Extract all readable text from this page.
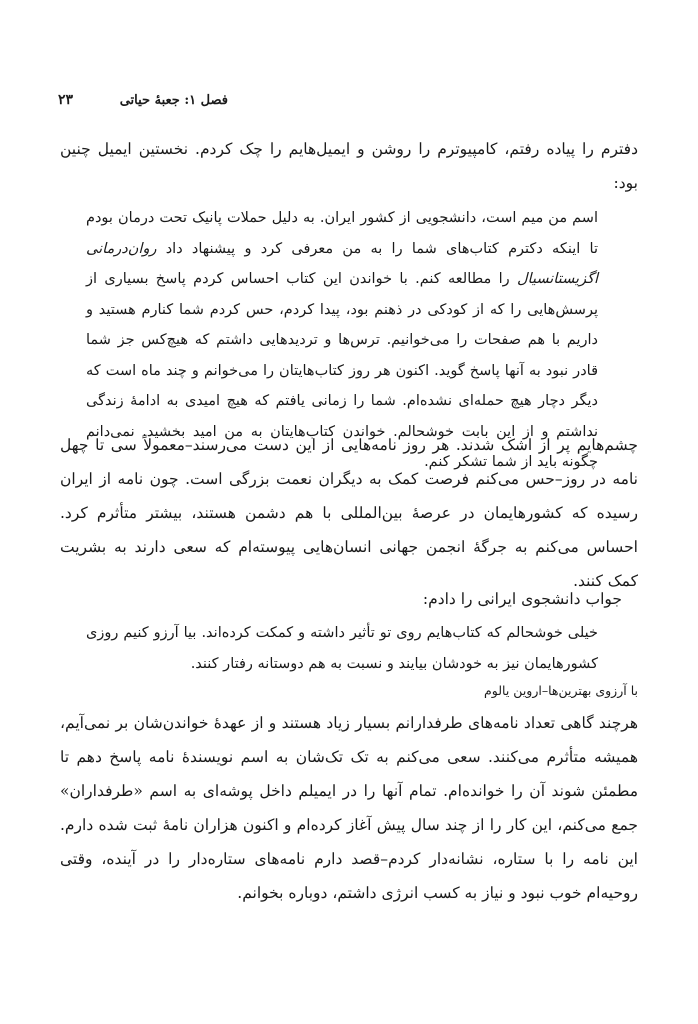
فصل ۱: جعبهٔ حیاتی
۲۳

دفترم را پیاده رفتم، کامپیوترم را روشن و ایمیل‌هایم را چک کردم. نخستین ایمیل چنین بود:

اسم من میم است، دانشجویی از کشور ایران. به دلیل حملات پانیک تحت درمان بودم تا اینکه دکترم کتاب‌های شما را به من معرفی کرد و پیشنهاد داد روان‌درمانی اگزیستانسیال را مطالعه کنم. با خواندن این کتاب احساس کردم پاسخ بسیاری از پرسش‌هایی را که از کودکی در ذهنم بود، پیدا کردم، حس کردم شما کنارم هستید و داریم با هم صفحات را می‌خوانیم. ترس‌ها و تردیدهایی داشتم که هیچ‌کس جز شما قادر نبود به آنها پاسخ گوید. اکنون هر روز کتاب‌هایتان را می‌خوانم و چند ماه است که دیگر دچار هیچ حمله‌ای نشده‌ام. شما را زمانی یافتم که هیچ امیدی به ادامهٔ زندگی نداشتم و از این بابت خوشحالم. خواندن کتاب‌هایتان به من امید بخشید. نمی‌دانم چگونه باید از شما تشکر کنم.

چشم‌هایم پر از اشک شدند. هر روز نامه‌هایی از این دست می‌رسند–معمولاً سی تا چهل نامه در روز–حس می‌کنم فرصت کمک به دیگران نعمت بزرگی است. چون نامه از ایران رسیده که کشورهایمان در عرصهٔ بین‌المللی با هم دشمن هستند، بیشتر متأثرم کرد. احساس می‌کنم به جرگهٔ انجمن جهانی انسان‌هایی پیوسته‌ام که سعی دارند به بشریت کمک کنند.

جواب دانشجوی ایرانی را دادم:

خیلی خوشحالم که کتاب‌هایم روی تو تأثیر داشته و کمکت کرده‌اند. بیا آرزو کنیم روزی کشورهایمان نیز به خودشان بیایند و نسبت به هم دوستانه رفتار کنند.

با آرزوی بهترین‌ها–اروین یالوم

هرچند گاهی تعداد نامه‌های طرفدارانم بسیار زیاد هستند و از عهدهٔ خواندن‌شان بر نمی‌آیم، همیشه متأثرم می‌کنند. سعی می‌کنم به تک تک‌شان به اسم نویسندهٔ نامه پاسخ دهم تا مطمئن شوند آن را خوانده‌ام. تمام آنها را در ایمیلم داخل پوشه‌ای به اسم «طرفداران» جمع می‌کنم، این کار را از چند سال پیش آغاز کرده‌ام و اکنون هزاران نامهٔ ثبت شده دارم. این نامه را با ستاره، نشانه‌دار کردم–قصد دارم نامه‌های ستاره‌دار را در آینده، وقتی روحیه‌ام خوب نبود و نیاز به کسب انرژی داشتم، دوباره بخوانم.
